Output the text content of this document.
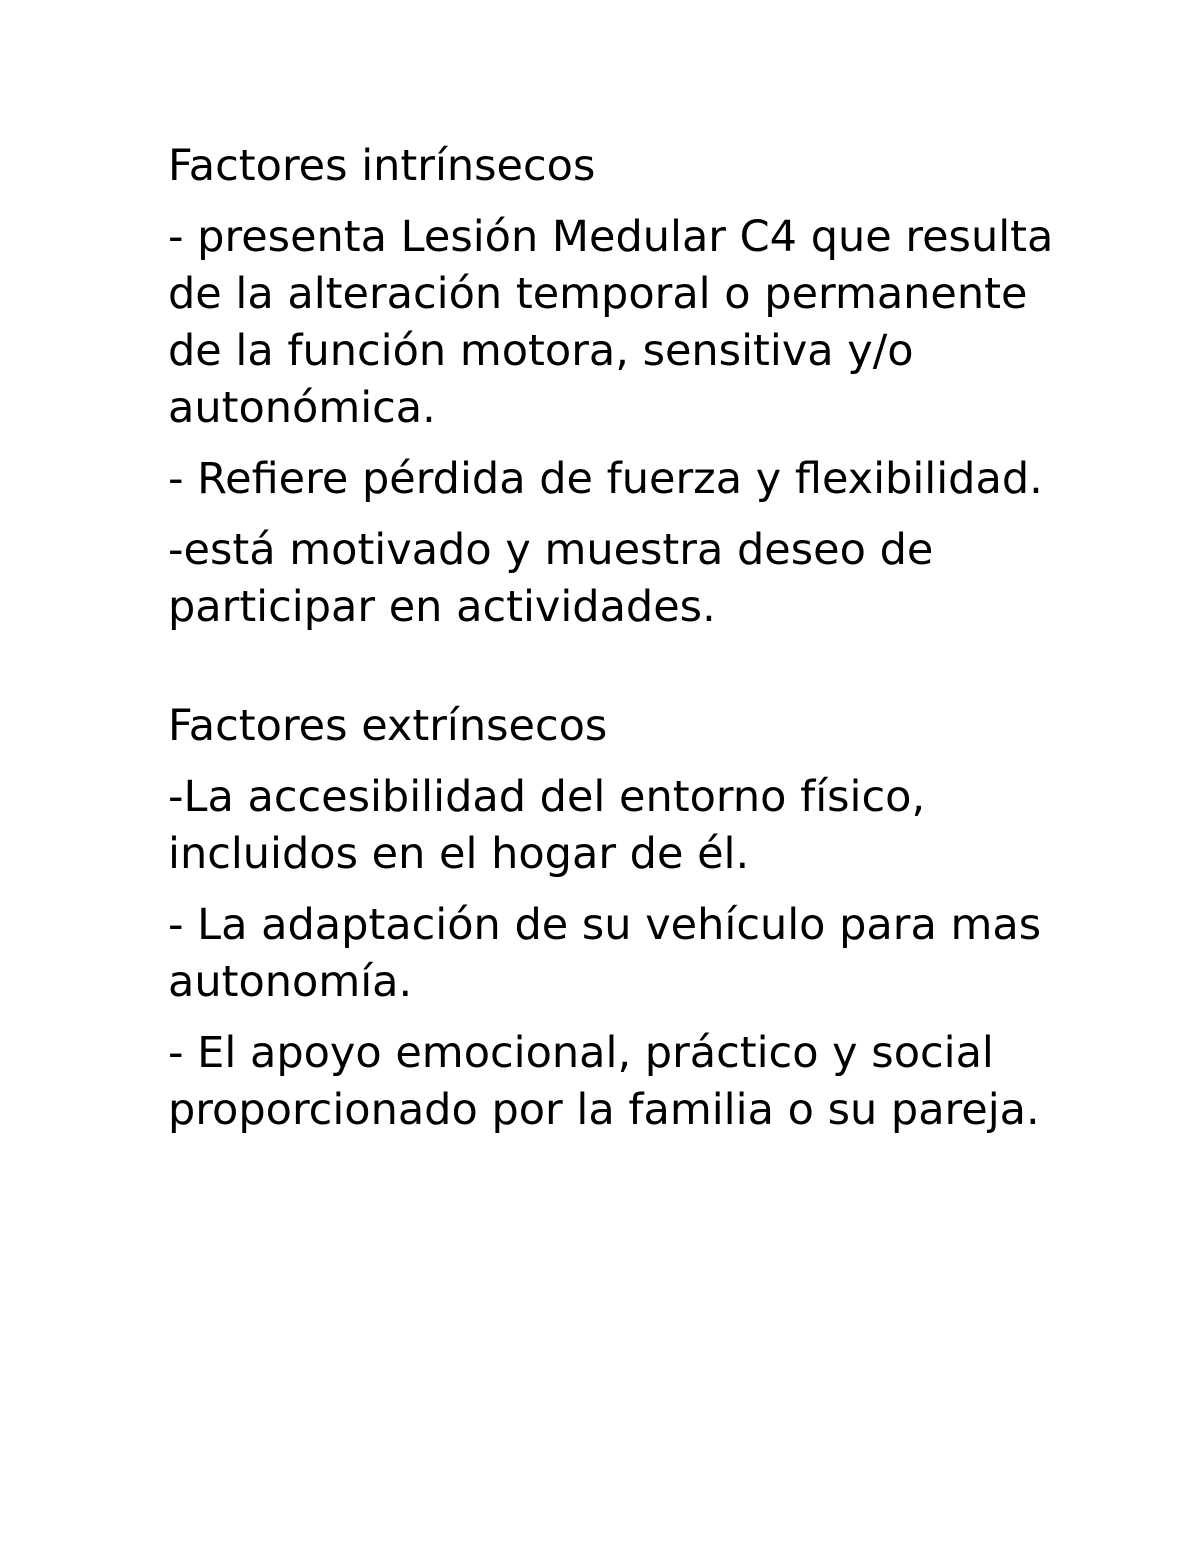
Factores intrínsecos
- presenta Lesión Medular C4 que resulta de la alteración temporal o permanente de la función motora, sensitiva y/o autonómica.
- Refiere pérdida de fuerza y flexibilidad.
-está motivado y muestra deseo de participar en actividades.
Factores extrínsecos
-La accesibilidad del entorno físico, incluidos en el hogar de él.
- La adaptación de su vehículo para mas autonomía.
- El apoyo emocional, práctico y social proporcionado por la familia o su pareja.
